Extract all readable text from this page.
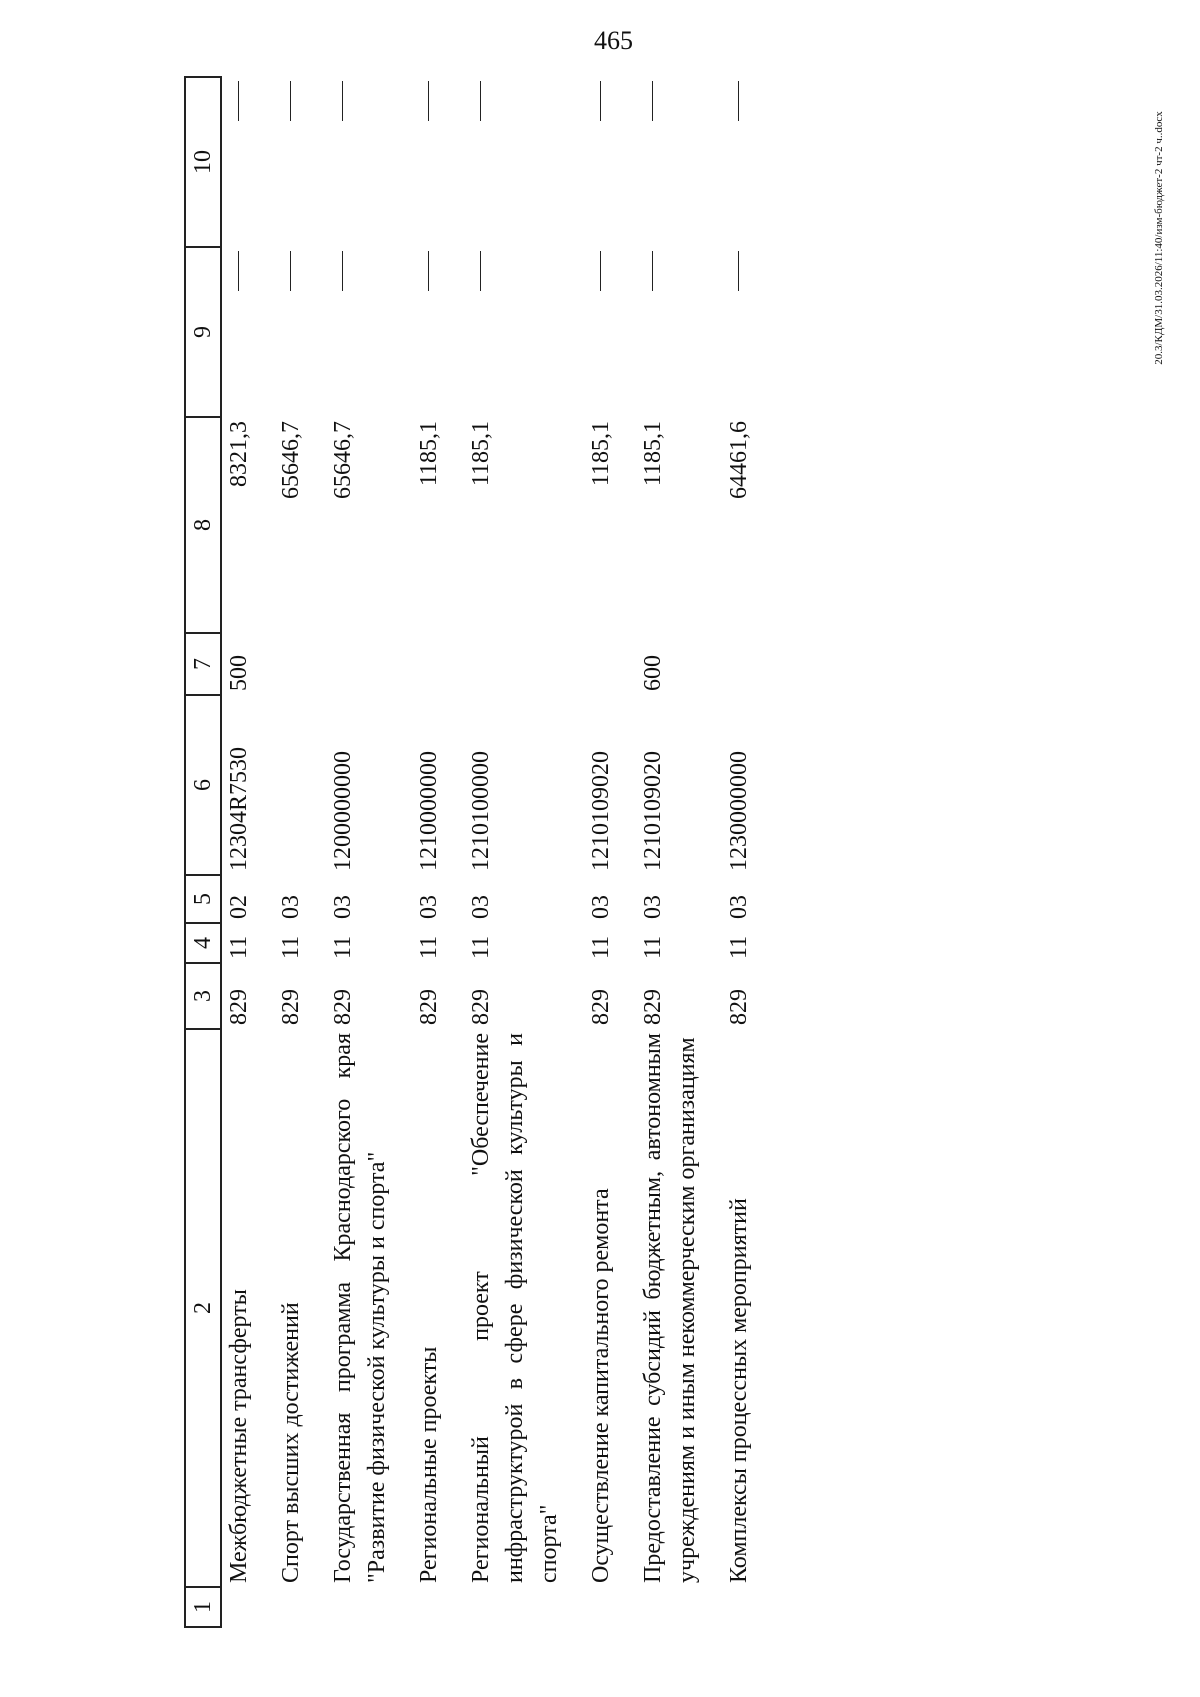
465
20.3/КДМ/31.03.2026/11:40/изм-бюджет-2 чт-2 ч..docx
1	2	3	4	5	6	7	8	9	10
	Межбюджетные трансферты	829	11	02	12304R7530	500	8321,3	

	Спорт высших достижений	829	11	03			65646,7	

	Государственная программа Краснодарского края "Развитие физической культуры и спорта"	829	11	03	1200000000		65646,7	

	Региональные проекты	829	11	03	1210000000		1185,1	

	Региональный проект "Обеспечение инфраструктурой в сфере физической культуры и спорта"	829	11	03	1210100000		1185,1	

	Осуществление капитального ремонта	829	11	03	1210109020		1185,1	

	Предоставление субсидий бюджетным, автономным учреждениям и иным некоммерческим организациям	829	11	03	1210109020	600	1185,1	

	Комплексы процессных мероприятий	829	11	03	1230000000		64461,6	
